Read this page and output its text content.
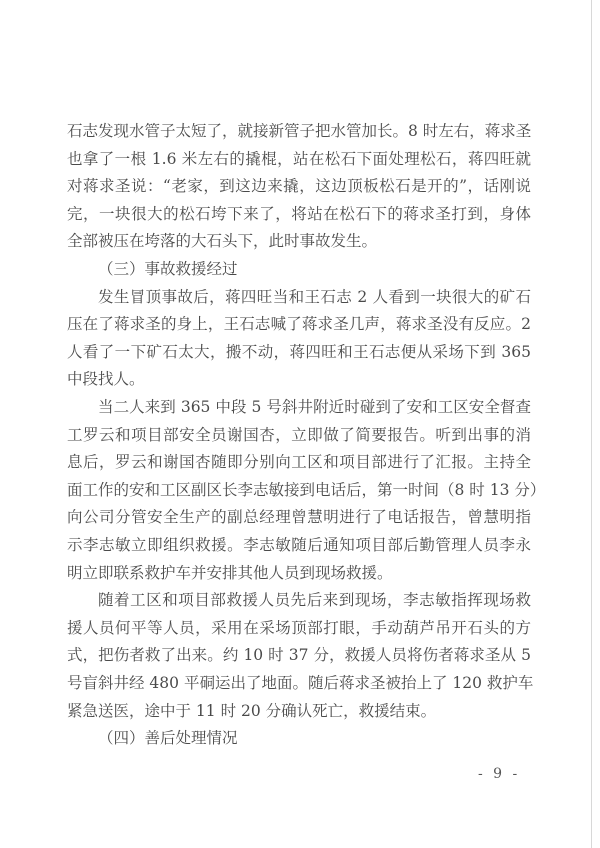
石志发现水管子太短了，就接新管子把水管加长。8 时左右，蒋求圣
也拿了一根 1.6 米左右的撬棍，站在松石下面处理松石，蒋四旺就
对蒋求圣说：“老家，到这边来撬，这边顶板松石是开的”，话刚说
完，一块很大的松石垮下来了，将站在松石下的蒋求圣打到，身体
全部被压在垮落的大石头下，此时事故发生。
（三）事故救援经过
发生冒顶事故后，蒋四旺当和王石志 2 人看到一块很大的矿石
压在了蒋求圣的身上，王石志喊了蒋求圣几声，蒋求圣没有反应。2
人看了一下矿石太大，搬不动，蒋四旺和王石志便从采场下到 365
中段找人。
当二人来到 365 中段 5 号斜井附近时碰到了安和工区安全督查
工罗云和项目部安全员谢国杏，立即做了简要报告。听到出事的消
息后，罗云和谢国杏随即分别向工区和项目部进行了汇报。主持全
面工作的安和工区副区长李志敏接到电话后，第一时间（8 时 13 分）
向公司分管安全生产的副总经理曾慧明进行了电话报告，曾慧明指
示李志敏立即组织救援。李志敏随后通知项目部后勤管理人员李永
明立即联系救护车并安排其他人员到现场救援。
随着工区和项目部救援人员先后来到现场，李志敏指挥现场救
援人员何平等人员，采用在采场顶部打眼，手动葫芦吊开石头的方
式，把伤者救了出来。约 10 时 37 分，救援人员将伤者蒋求圣从 5
号盲斜井经 480 平硐运出了地面。随后蒋求圣被抬上了 120 救护车
紧急送医，途中于 11 时 20 分确认死亡，救援结束。
（四）善后处理情况
- 9 -
